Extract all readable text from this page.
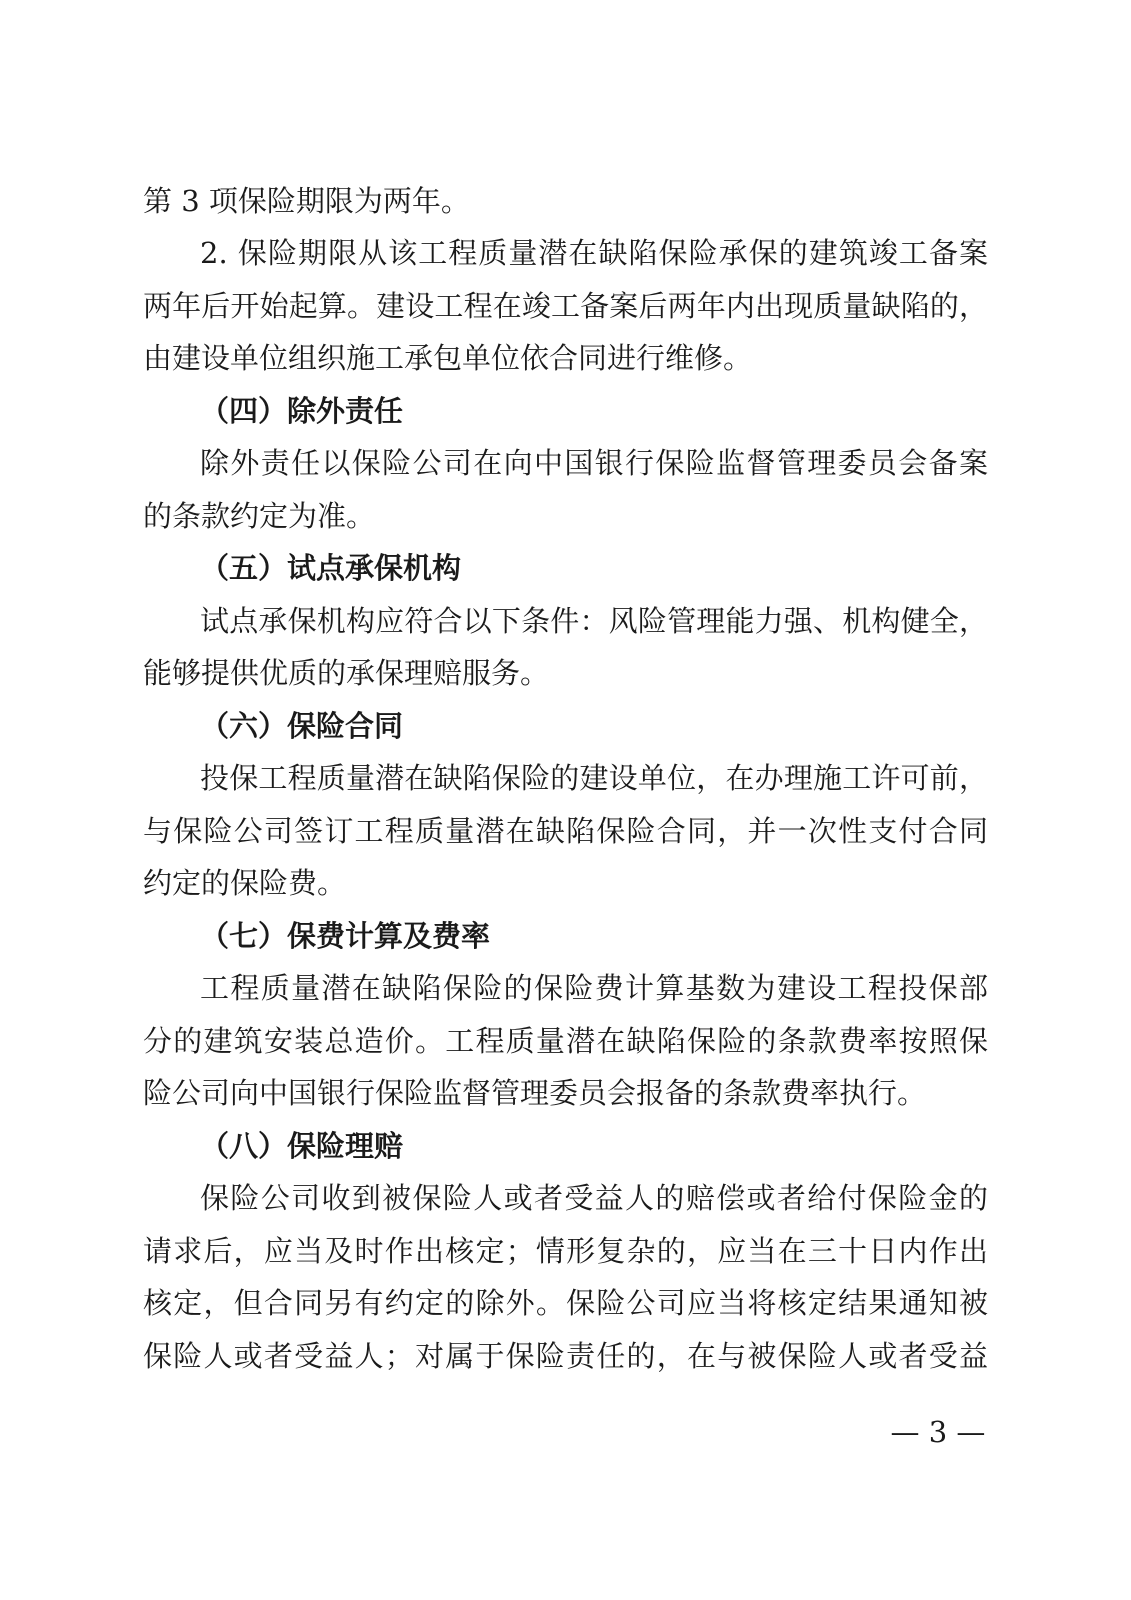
第 3 项保险期限为两年。
2. 保险期限从该工程质量潜在缺陷保险承保的建筑竣工备案
两年后开始起算。建设工程在竣工备案后两年内出现质量缺陷的，
由建设单位组织施工承包单位依合同进行维修。
（四）除外责任
除外责任以保险公司在向中国银行保险监督管理委员会备案
的条款约定为准。
（五）试点承保机构
试点承保机构应符合以下条件：风险管理能力强、机构健全，
能够提供优质的承保理赔服务。
（六）保险合同
投保工程质量潜在缺陷保险的建设单位，在办理施工许可前，
与保险公司签订工程质量潜在缺陷保险合同，并一次性支付合同
约定的保险费。
（七）保费计算及费率
工程质量潜在缺陷保险的保险费计算基数为建设工程投保部
分的建筑安装总造价。工程质量潜在缺陷保险的条款费率按照保
险公司向中国银行保险监督管理委员会报备的条款费率执行。
（八）保险理赔
保险公司收到被保险人或者受益人的赔偿或者给付保险金的
请求后，应当及时作出核定；情形复杂的，应当在三十日内作出
核定，但合同另有约定的除外。保险公司应当将核定结果通知被
保险人或者受益人；对属于保险责任的，在与被保险人或者受益
— 3 —
